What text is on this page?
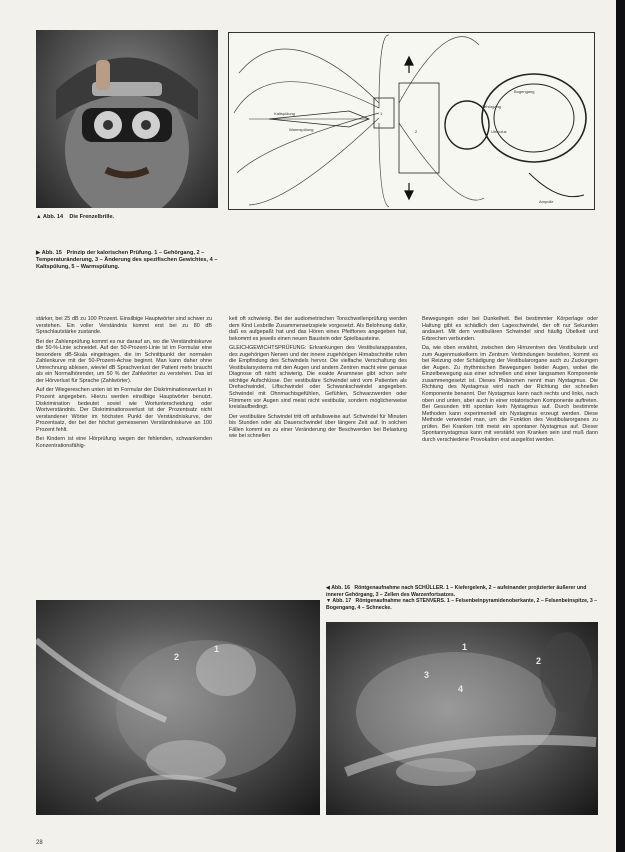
▲ Abb. 14 Die Frenzelbrille.
▶ Abb. 15 Prinzip der kalorischen Prüfung. 1 – Gehörgang, 2 – Temperaturänderung, 3 – Änderung des spezifischen Gewichtes, 4 – Kaltspülung, 5 – Warmspülung.
1
2
Kaltspülung
Warmspülung
Bogengang
Gehörgang
Utriculus
Ampulle

stärker, bei 25 dB zu 100 Prozent. Einsilbige Hauptwörter sind schwer zu verstehen. Ein voller Verständnis kommt erst bei zu 80 dB Sprachlautstärke zustande.

Bei der Zahlenprüfung kommt es nur darauf an, wo die Verständniskurve die 50-%-Linie schneidet. Auf der 50-Prozent-Linie ist im Formular eine besondere dB-Skala eingetragen, die im Schnittpunkt der normalen Zahlenkurve mit der 50-Prozent-Achse beginnt. Man kann daher ohne Umrechnung ablesen, wieviel dB Sprachverlust der Patient mehr braucht als ein Normalhörender, um 50 % der Zahlwörter zu verstehen. Das ist der Hörverlust für Sprache (Zahlwörter).

Auf der Wiegereschen unten ist im Formular der Diskriminationsverlust in Prozent angegeben. Hierzu werden einsilbige Hauptwörter benutzt. Diskrimination bedeutet soviel wie Wortunterscheidung oder Wortverständnis. Der Diskriminationsverlust ist der Prozentsatz nicht verstandener Wörter im höchsten Punkt der Verständniskurve, der Prozentsatz, der bei der höchst gemessenen Verständniskurve an 100 Prozent fehlt.

Bei Kindern ist eine Hörprüfung wegen der fehlenden, schwankenden Konzentrationsfähig-

keit oft schwierig. Bei der audiometrischen Tonschwellenprüfung werden dem Kind Lesbrille Zusammensetzspiele vorgesetzt. Als Belohnung dafür, daß es aufgepaßt hat und das Hören eines Pfeiftones angegeben hat, bekommt es jeweils einen neuen Baustein oder Spielbausteine.

GLEICHGEWICHTSPRÜFUNG: Erkrankungen des Vestibularapparates, des zugehörigen Nerven und der innere zugehörigen Hirnabschnitte rufen die Empfindung des Schwindels hervor. Die vielfache Verschaltung des Vestibularsystems mit den Augen und andern Zentren macht eine genaue Diagnose oft nicht schwierig. Die exakte Anamnese gibt schon sehr wichtige Aufschlüsse. Der vestibuläre Schwindel wird vom Patienten als Drehschwindel, Liftschwindel oder Schwankschwindel angegeben. Schwindel mit Ohnmachtsgefühlen, Gefühlen, Schwarzwerden oder Flimmern vor Augen sind meist nicht vestibulär, sondern möglicherweise kreislaufbedingt.

Der vestibuläre Schwindel tritt oft anfallsweise auf. Schwindel für Minuten bis Stunden oder als Dauerschwindel über längere Zeit auf. In solchen Fällen kommt es zu einer Veränderung der Beschwerden bei Belastung wie bei schnellen

Bewegungen oder bei Dunkelheit. Bei bestimmter Körperlage oder Haltung gibt es schädlich den Lageschwindel, der oft nur Sekunden andauert. Mit dem vestibulären Schwindel sind häufig Übelkeit und Erbrechen verbunden.

Da, wie oben erwähnt, zwischen den Hirnzentren des Vestibularis und zum Augenmuskelkern im Zentrum Verbindungen bestehen, kommt es bei Reizung oder Schädigung der Vestibularorgane auch zu Zuckungen der Augen. Zu rhythmischen Bewegungen beider Augen, wobei die Einzelbewegung aus einer schnellen und einer langsamen Komponente zusammengesetzt ist. Dieses Phänomen nennt man Nystagmus. Die Richtung des Nystagmus wird nach der Richtung der schnellen Komponente benannt. Der Nystagmus kann nach rechts und links, nach oben und unten, aber auch in einer rotatorischen Komponente auftreten. Bei Gesunden tritt spontan kein Nystagmus auf. Durch bestimmte Methoden kann experimentell ein Nystagmus erzeugt werden. Diese Methode verwendet man, um die Funktion des Vestibularorganes zu prüfen. Bei Kranken tritt meist ein spontaner Nystagmus auf. Dieser Spontannystagmus kann mit verstärkt von Kranken sein und muß dann durch verschiedene Provokation erst ausgelöst werden.

◀ Abb. 16 Röntgenaufnahme nach SCHÜLLER. 1 – Kiefergelenk, 2 – aufeinander projizierter äußerer und innerer Gehörgang, 3 – Zellen des Warzenfortsatzes.
▼ Abb. 17 Röntgenaufnahme nach STENVERS. 1 – Felsenbeinpyramidenoberkante, 2 – Felsenbeinspitze, 3 – Bogengang, 4 – Schnecke.
2
1	1
2
3
4
28
